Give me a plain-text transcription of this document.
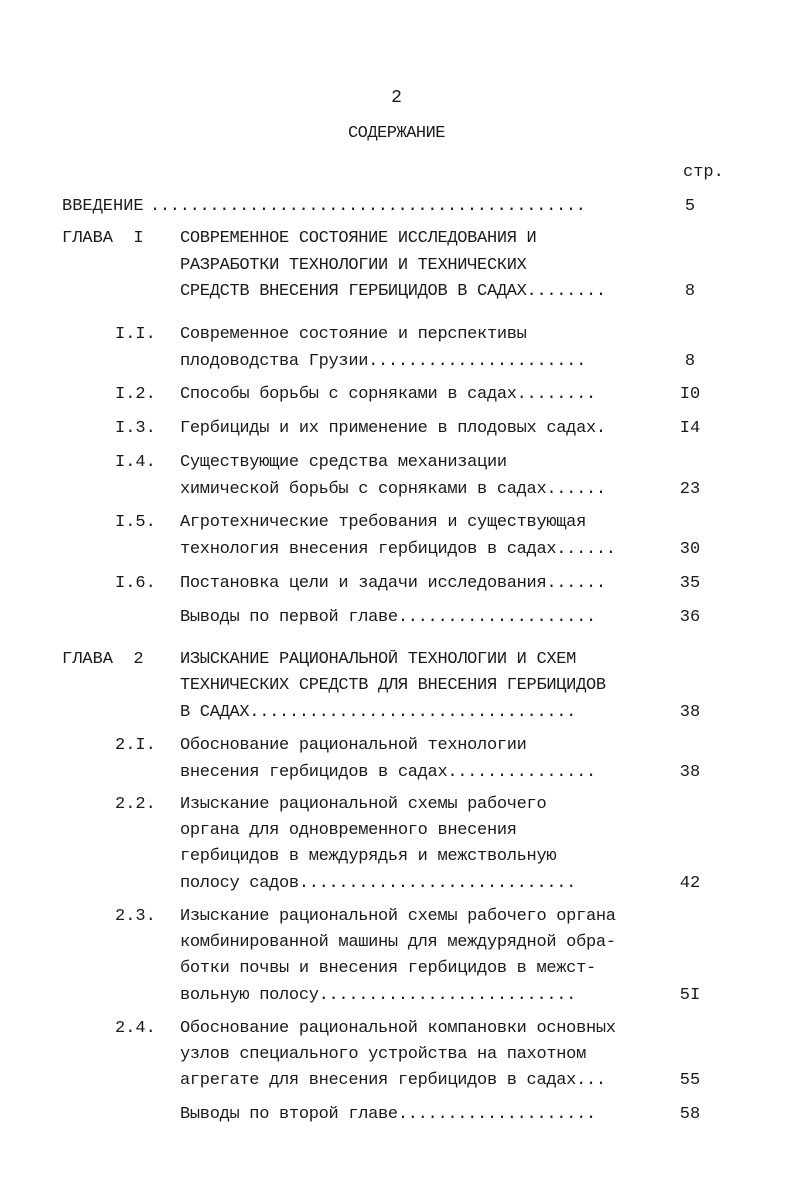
2
СОДЕРЖАНИЕ
стр.
ВВЕДЕНИЕ ............................................	5
ГЛАВА  I СОВРЕМЕННОЕ СОСТОЯНИЕ ИССЛЕДОВАНИЯ И
РАЗРАБОТКИ ТЕХНОЛОГИИ И ТЕХНИЧЕСКИХ
СРЕДСТВ ВНЕСЕНИЯ ГЕРБИЦИДОВ В САДАХ........	8
I.I. Современное состояние и перспективы
плодоводства Грузии......................	8
I.2. Способы борьбы с сорняками в садах........	I0
I.3. Гербициды и их применение в плодовых садах.	I4
I.4. Существующие средства механизации
химической борьбы с сорняками в садах......	23
I.5. Агротехнические требования и существующая
технология внесения гербицидов в садах......	30
I.6. Постановка цели и задачи исследования......	35
Выводы по первой главе....................	36
ГЛАВА  2 ИЗЫСКАНИЕ РАЦИОНАЛЬНОЙ ТЕХНОЛОГИИ И СХЕМ
ТЕХНИЧЕСКИХ СРЕДСТВ ДЛЯ ВНЕСЕНИЯ ГЕРБИЦИДОВ
В САДАХ.................................	38
2.I. Обоснование рациональной технологии
внесения гербицидов в садах...............	38
2.2. Изыскание рациональной схемы рабочего
органа для одновременного внесения
гербицидов в междурядья и межствольную
полосу садов............................	42
2.3. Изыскание рациональной схемы рабочего органа
комбинированной машины для междурядной обра-
ботки почвы и внесения гербицидов в межст-
вольную полосу..........................	5I
2.4. Обоснование рациональной компановки основных
узлов специального устройства на пахотном
агрегате для внесения гербицидов в садах...	55
Выводы по второй главе....................	58
